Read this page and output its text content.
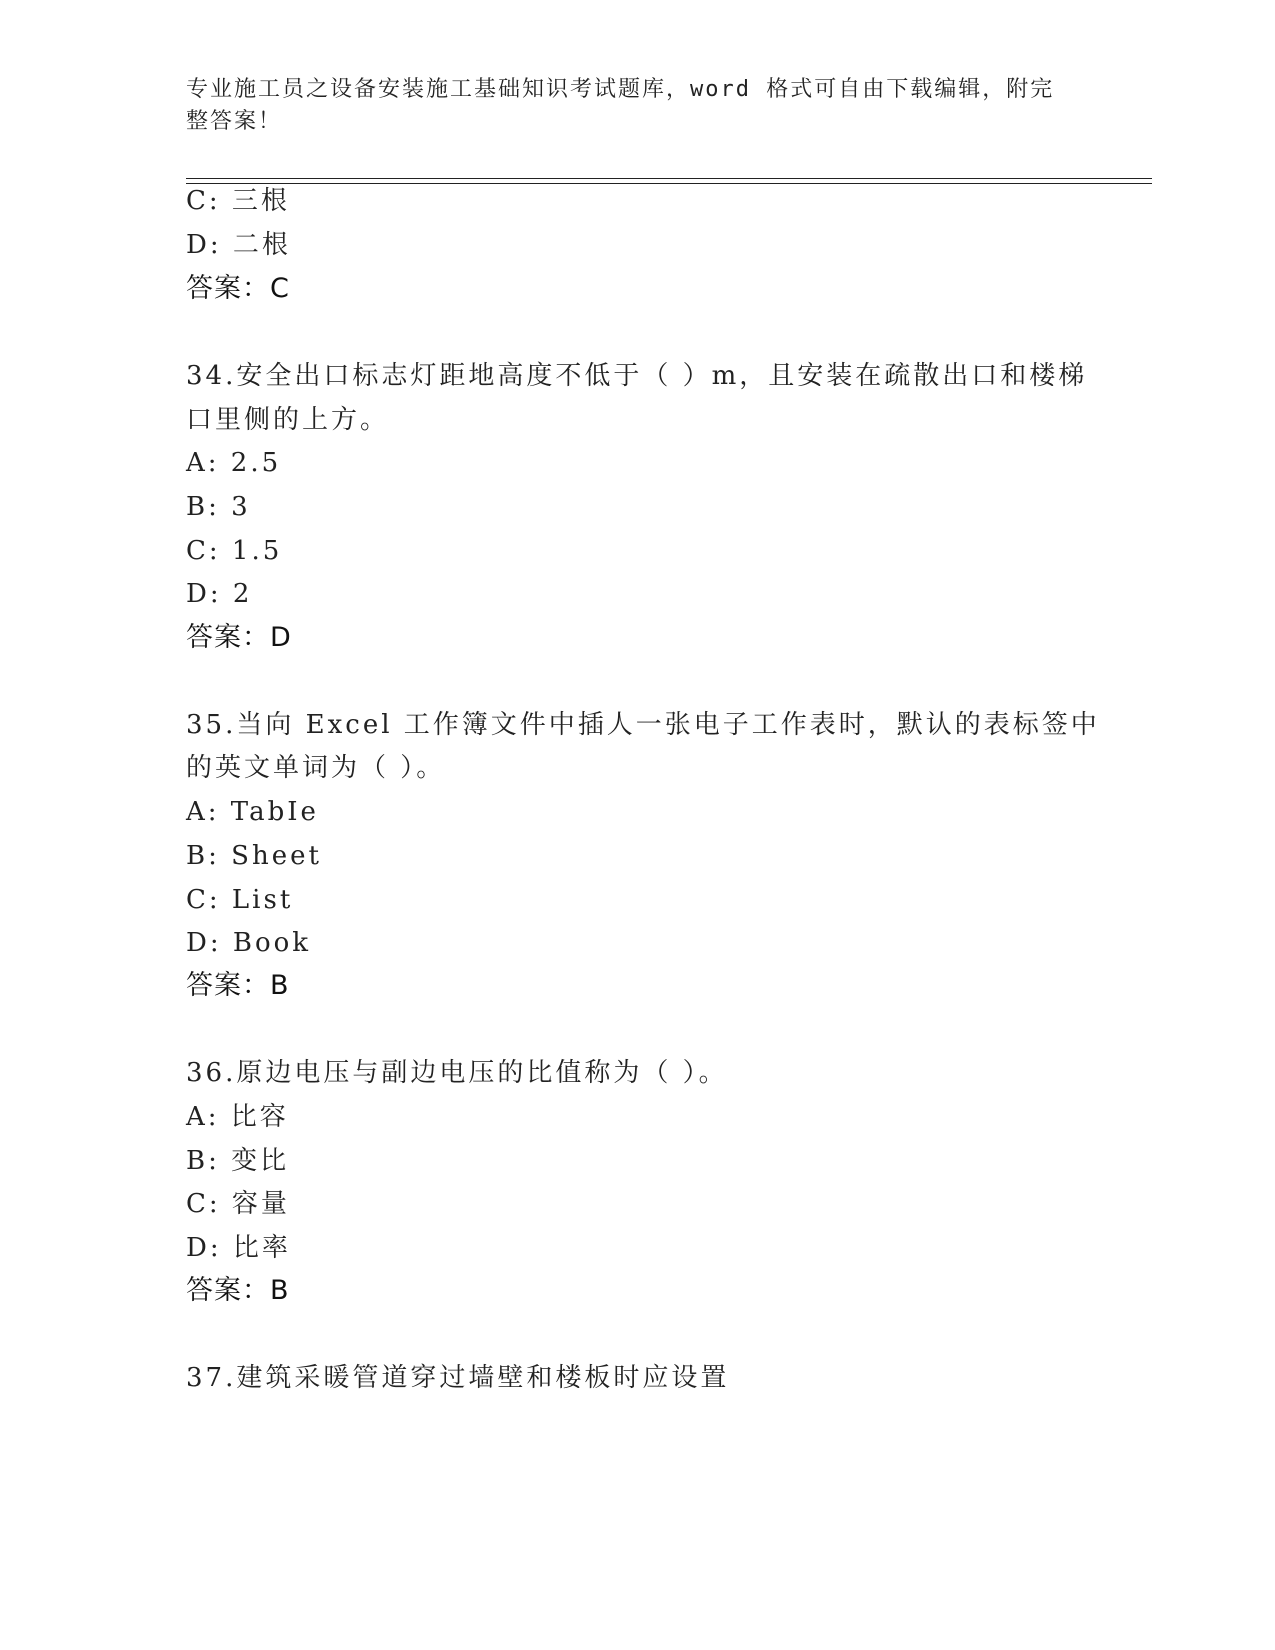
专业施工员之设备安装施工基础知识考试题库，word 格式可自由下载编辑，附完
整答案！
C: 三根
D: 二根
答案：C
34.安全出口标志灯距地高度不低于（ ）m，且安装在疏散出口和楼梯
口里侧的上方。
A: 2.5
B: 3
C: 1.5
D: 2
答案：D
35.当向 Excel 工作簿文件中插人一张电子工作表时，默认的表标签中
的英文单词为（ ）。
A: TabIe
B: Sheet
C: List
D: Book
答案：B
36.原边电压与副边电压的比值称为（ ）。
A: 比容
B: 变比
C: 容量
D: 比率
答案：B
37.建筑采暖管道穿过墙壁和楼板时应设置
